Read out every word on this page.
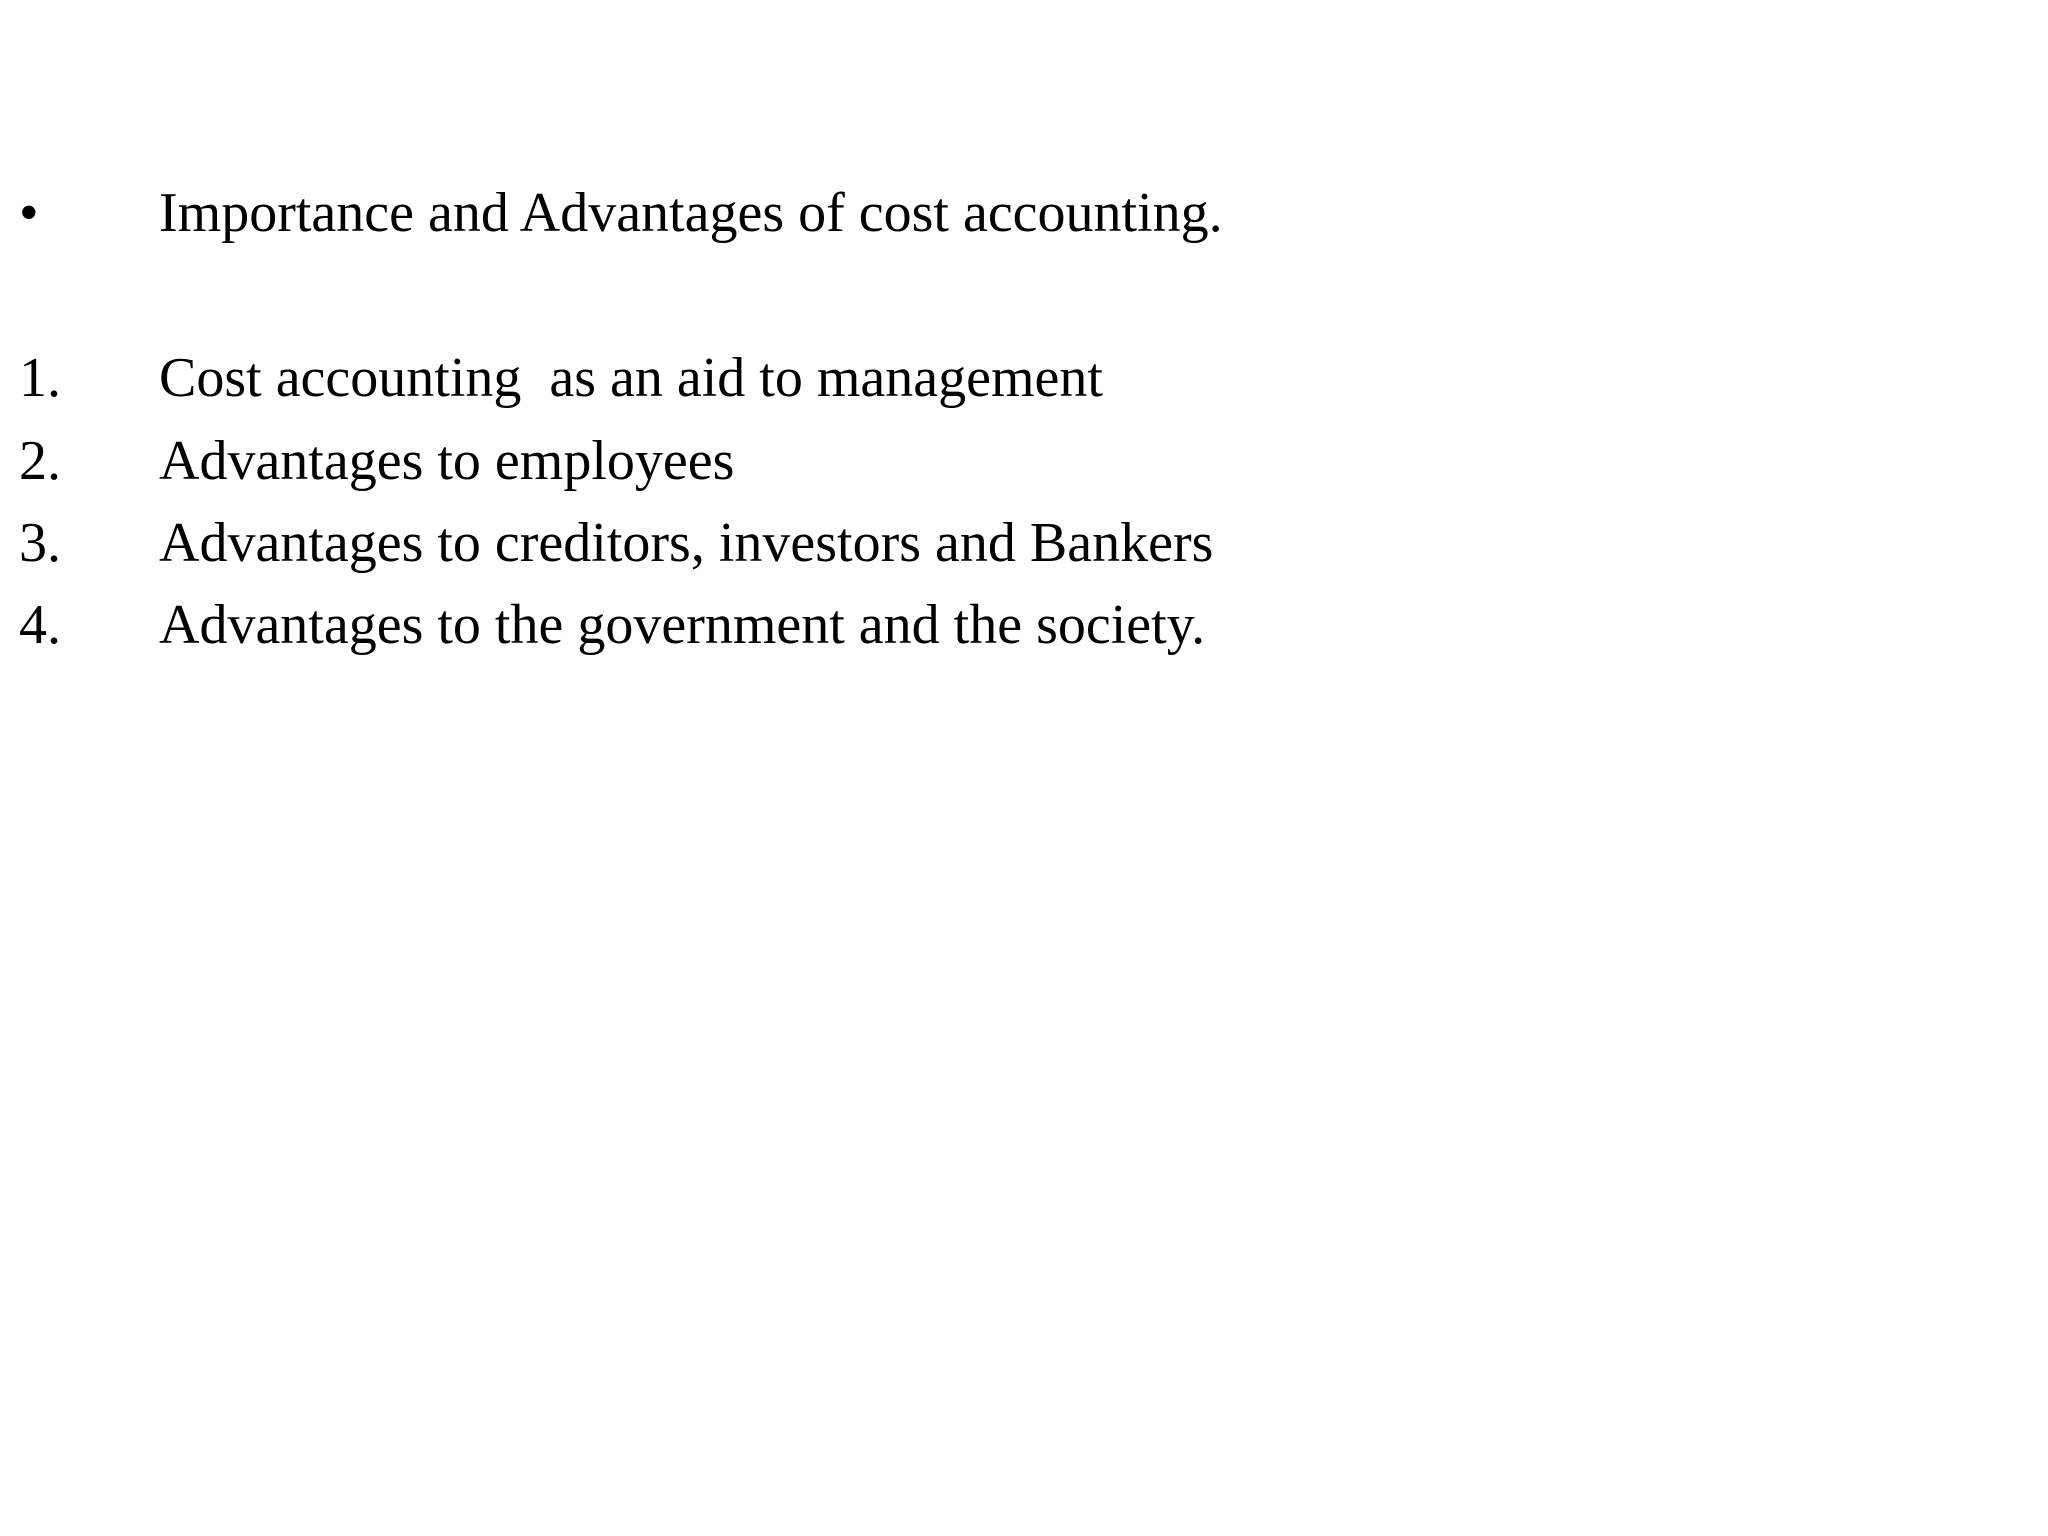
•

Importance and Advantages of cost accounting.

1.

Cost accounting  as an aid to management

2.

Advantages to employees

3.

Advantages to creditors, investors and Bankers

4.

Advantages to the government and the society.
